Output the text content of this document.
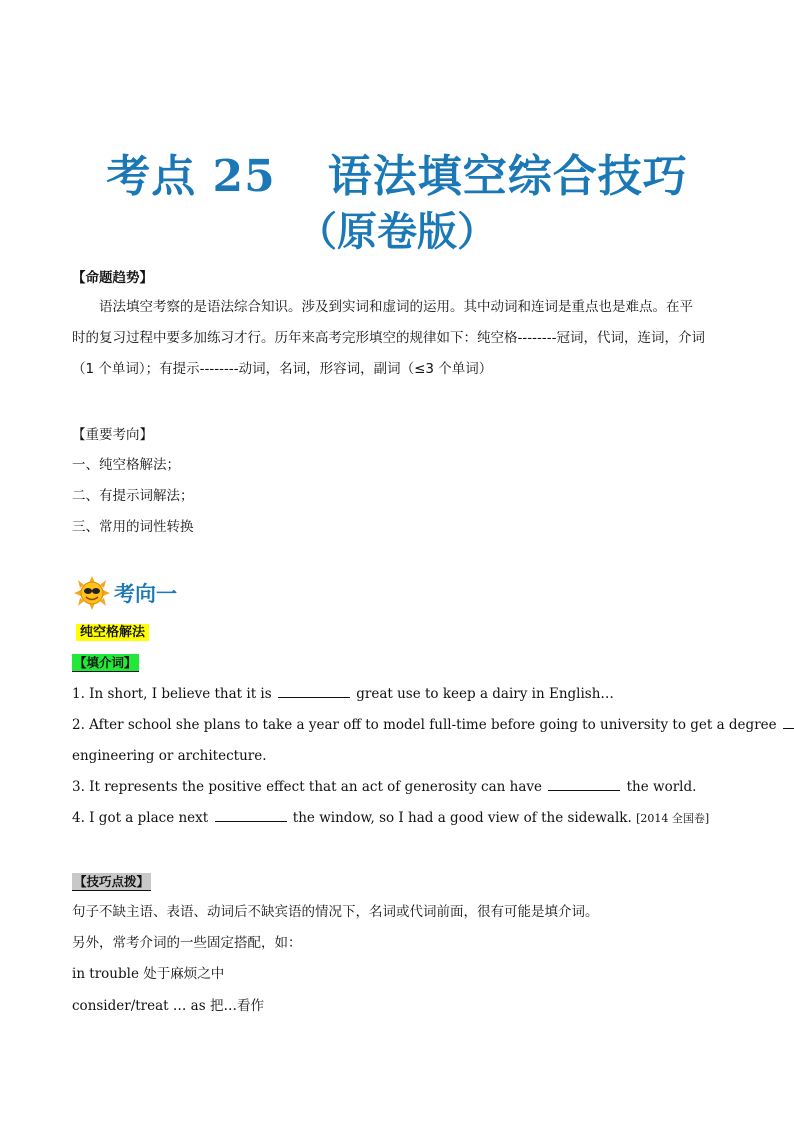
考点 25 语法填空综合技巧
（原卷版）
【命题趋势】
语法填空考察的是语法综合知识。涉及到实词和虚词的运用。其中动词和连词是重点也是难点。在平
时的复习过程中要多加练习才行。历年来高考完形填空的规律如下：纯空格--------冠词，代词，连词，介词
（1 个单词）；有提示--------动词，名词，形容词，副词（≤3 个单词）
【重要考向】
一、纯空格解法；
二、有提示词解法；
三、常用的词性转换
考向一
纯空格解法
【填介词】
1. In short, I believe that it is	great use to keep a dairy in English…
2. After school she plans to take a year off to model full-time before going to university to get a degree
engineering or architecture.
3. It represents the positive effect that an act of generosity can have	the world.
4. I got a place next	the window, so I had a good view of the sidewalk. [2014 全国卷]
【技巧点拨】
句子不缺主语、表语、动词后不缺宾语的情况下，名词或代词前面，很有可能是填介词。
另外，常考介词的一些固定搭配，如：
in trouble 处于麻烦之中
consider/treat … as 把…看作
